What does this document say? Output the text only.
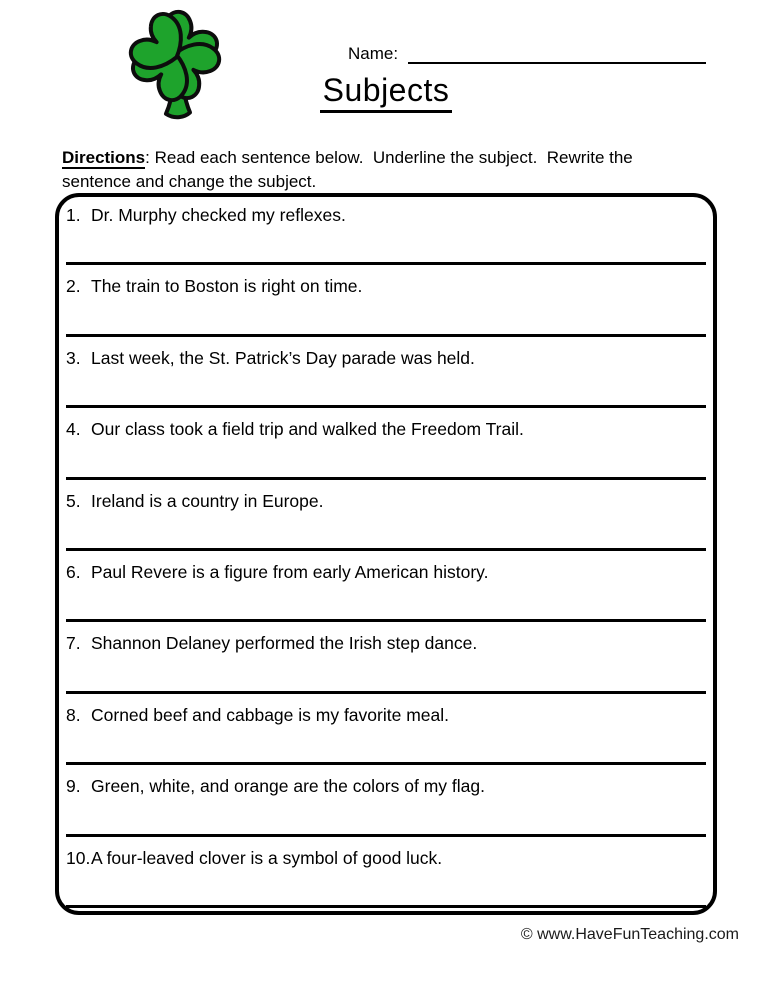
Name:
Subjects

Directions: Read each sentence below.  Underline the subject.  Rewrite the
sentence and change the subject.

1. Dr. Murphy checked my reflexes.
2. The train to Boston is right on time.
3. Last week, the St. Patrick’s Day parade was held.
4. Our class took a field trip and walked the Freedom Trail.
5. Ireland is a country in Europe.
6. Paul Revere is a figure from early American history.
7. Shannon Delaney performed the Irish step dance.
8. Corned beef and cabbage is my favorite meal.
9. Green, white, and orange are the colors of my flag.
10. A four-leaved clover is a symbol of good luck.
© www.HaveFunTeaching.com
